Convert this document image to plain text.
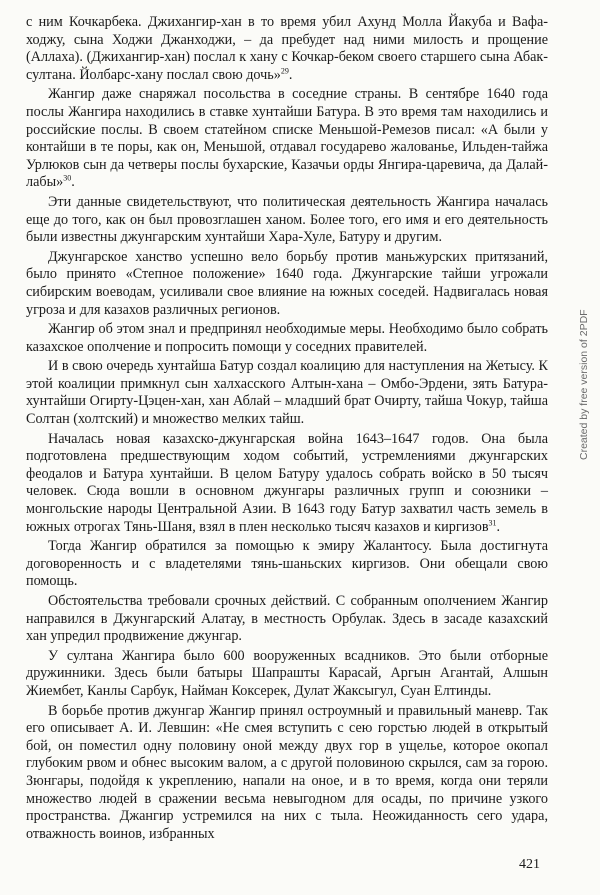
с ним Кочкарбека. Джихангир-хан в то время убил Ахунд Молла Йакуба и Вафа-ходжу, сына Ходжи Джанходжи, – да пребудет над ними милость и прощение (Аллаха). (Джихангир-хан) послал к хану с Кочкар-беком своего старшего сына Абак-султана. Йолбарс-хану послал свою дочь»$^{29}$.

Жангир даже снаряжал посольства в соседние страны. В сентябре 1640 года послы Жангира находились в ставке хунтайши Батура. В это время там находились и российские послы. В своем статейном списке Меньшой-Ремезов писал: «А были у контайши в те поры, как он, Меньшой, отдавал государево жалованье, Ильден-тайжа Урлюков сын да четверы послы бухарские, Казачьи орды Янгира-царевича, да Далай-лабы»$^{30}$.

Эти данные свидетельствуют, что политическая деятельность Жангира началась еще до того, как он был провозглашен ханом. Более того, его имя и его деятельность были известны джунгарским хунтайши Хара-Хуле, Батуру и другим.

Джунгарское ханство успешно вело борьбу против маньжурских притязаний, было принято «Степное положение» 1640 года. Джунгарские тайши угрожали сибирским воеводам, усиливали свое влияние на южных соседей. Надвигалась новая угроза и для казахов различных регионов.

Жангир об этом знал и предпринял необходимые меры. Необходимо было собрать казахское ополчение и попросить помощи у соседних правителей.

И в свою очередь хунтайша Батур создал коалицию для наступления на Жетысу. К этой коалиции примкнул сын халхасского Алтын-хана – Омбо-Эрдени, зять Батура-хунтайши Огирту-Цэцен-хан, хан Аблай – младший брат Очирту, тайша Чокур, тайша Солтан (холтский) и множество мелких тайш.

Началась новая казахско-джунгарская война 1643–1647 годов. Она была подготовлена предшествующим ходом событий, устремлениями джунгарских феодалов и Батура хунтайши. В целом Батуру удалось собрать войско в 50 тысяч человек. Сюда вошли в основном джунгары различных групп и союзники – монгольские народы Центральной Азии. В 1643 году Батур захватил часть земель в южных отрогах Тянь-Шаня, взял в плен несколько тысяч казахов и киргизов$^{31}$.

Тогда Жангир обратился за помощью к эмиру Жалантосу. Была достигнута договоренность и с владетелями тянь-шаньских киргизов. Они обещали свою помощь.

Обстоятельства требовали срочных действий. С собранным ополчением Жангир направился в Джунгарский Алатау, в местность Орбулак. Здесь в засаде казахский хан упредил продвижение джунгар.

У султана Жангира было 600 вооруженных всадников. Это были отборные дружинники. Здесь были батыры Шапрашты Карасай, Аргын Агантай, Алшын Жиембет, Канлы Сарбук, Найман Коксерек, Дулат Жаксыгул, Суан Елтинды.

В борьбе против джунгар Жангир принял остроумный и правильный маневр. Так его описывает А. И. Левшин: «Не смея вступить с сею горстью людей в открытый бой, он поместил одну половину оной между двух гор в ущелье, которое окопал глубоким рвом и обнес высоким валом, а с другой половиною скрылся, сам за горою. Зюнгары, подойдя к укреплению, напали на оное, и в то время, когда они теряли множество людей в сражении весьма невыгодном для осады, по причине узкого пространства. Джангир устремился на них с тыла. Неожиданность сего удара, отважность воинов, избранных

Created by free version of 2PDF
421
